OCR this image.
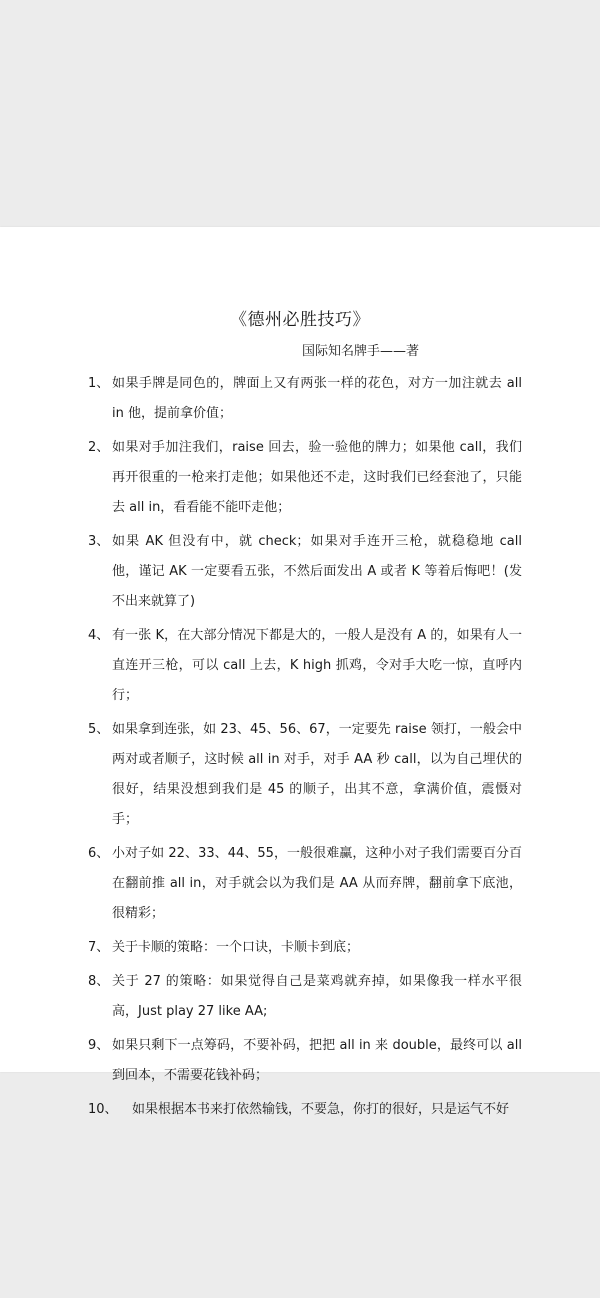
《德州必胜技巧》
国际知名牌手——著
1、 如果手牌是同色的，牌面上又有两张一样的花色，对方一加注就去 all in 他，提前拿价值；
2、 如果对手加注我们，raise 回去，验一验他的牌力；如果他 call，我们再开很重的一枪来打走他；如果他还不走，这时我们已经套池了，只能去 all in，看看能不能吓走他；
3、 如果 AK 但没有中，就 check；如果对手连开三枪，就稳稳地 call 他，谨记 AK 一定要看五张，不然后面发出 A 或者 K 等着后悔吧！(发不出来就算了)
4、 有一张 K，在大部分情况下都是大的，一般人是没有 A 的，如果有人一直连开三枪，可以 call 上去，K high 抓鸡，令对手大吃一惊，直呼内行；
5、 如果拿到连张，如 23、45、56、67，一定要先 raise 领打，一般会中两对或者顺子，这时候 all in 对手，对手 AA 秒 call，以为自己埋伏的很好，结果没想到我们是 45 的顺子，出其不意，拿满价值，震慑对手；
6、 小对子如 22、33、44、55，一般很难赢，这种小对子我们需要百分百在翻前推 all in，对手就会以为我们是 AA 从而弃牌，翻前拿下底池，很精彩；
7、 关于卡顺的策略：一个口诀，卡顺卡到底；
8、 关于 27 的策略：如果觉得自己是菜鸡就弃掉，如果像我一样水平很高，Just play 27 like AA;
9、 如果只剩下一点筹码，不要补码，把把 all in 来 double，最终可以 all 到回本，不需要花钱补码；
10、 如果根据本书来打依然输钱，不要急，你打的很好，只是运气不好
